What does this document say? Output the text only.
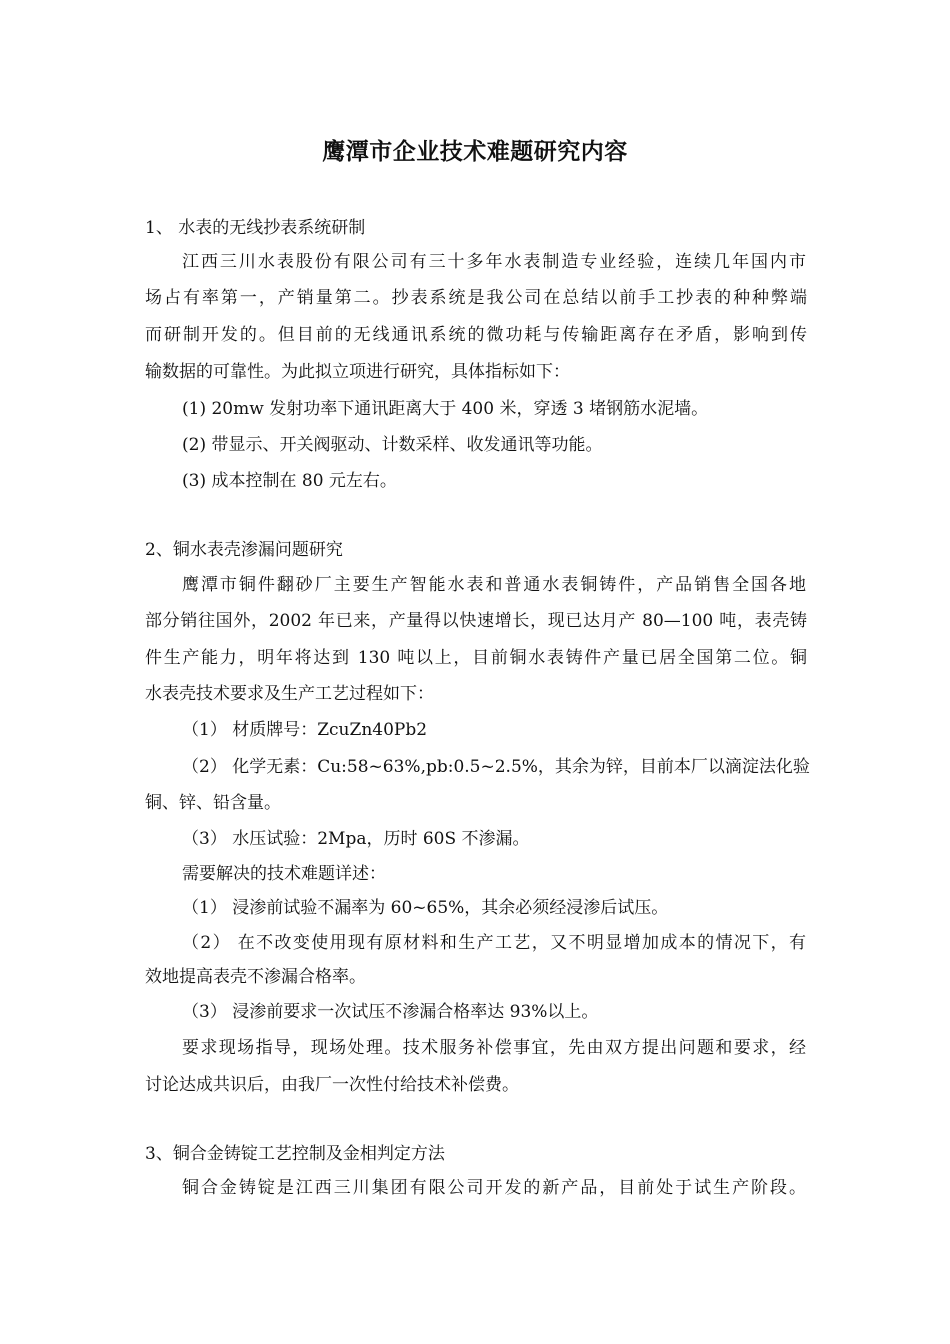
鹰潭市企业技术难题研究内容
1、 水表的无线抄表系统研制
江西三川水表股份有限公司有三十多年水表制造专业经验，连续几年国内市
场占有率第一，产销量第二。抄表系统是我公司在总结以前手工抄表的种种弊端
而研制开发的。但目前的无线通讯系统的微功耗与传输距离存在矛盾，影响到传
输数据的可靠性。为此拟立项进行研究，具体指标如下：
(1) 20mw 发射功率下通讯距离大于 400 米，穿透 3 堵钢筋水泥墙。
(2) 带显示、开关阀驱动、计数采样、收发通讯等功能。
(3) 成本控制在 80 元左右。
2、铜水表壳渗漏问题研究
鹰潭市铜件翻砂厂主要生产智能水表和普通水表铜铸件，产品销售全国各地
部分销往国外，2002 年已来，产量得以快速增长，现已达月产 80—100 吨，表壳铸
件生产能力，明年将达到 130 吨以上，目前铜水表铸件产量已居全国第二位。铜
水表壳技术要求及生产工艺过程如下：
（1） 材质牌号：ZcuZn40Pb2
（2） 化学无素：Cu:58~63%,pb:0.5~2.5%，其余为锌，目前本厂以滴淀法化验
铜、锌、铅含量。
（3） 水压试验：2Mpa，历时 60S 不渗漏。
需要解决的技术难题详述：
（1） 浸渗前试验不漏率为 60~65%，其余必须经浸渗后试压。
（2） 在不改变使用现有原材料和生产工艺，又不明显增加成本的情况下，有
效地提高表壳不渗漏合格率。
（3） 浸渗前要求一次试压不渗漏合格率达 93%以上。
要求现场指导，现场处理。技术服务补偿事宜，先由双方提出问题和要求，经
讨论达成共识后，由我厂一次性付给技术补偿费。
3、铜合金铸锭工艺控制及金相判定方法
铜合金铸锭是江西三川集团有限公司开发的新产品，目前处于试生产阶段。
